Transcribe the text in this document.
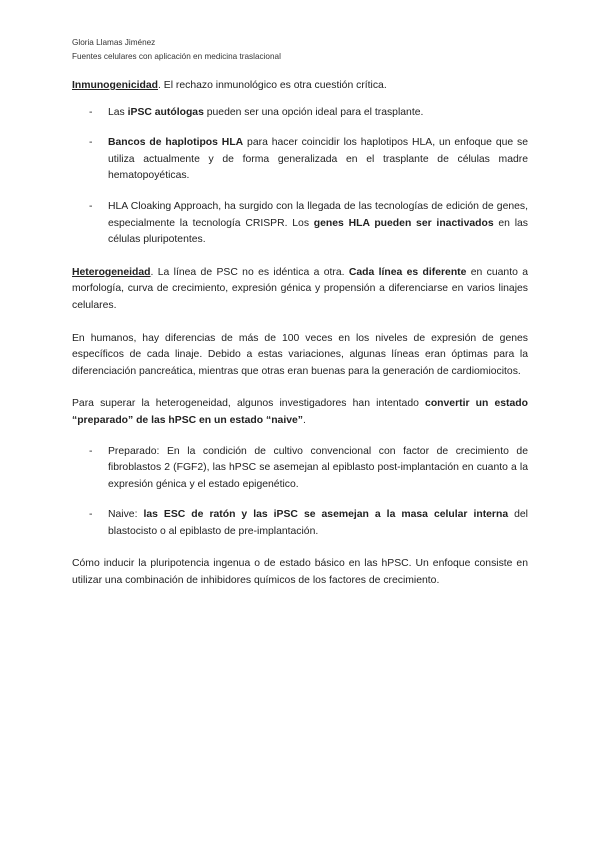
Gloria Llamas Jiménez
Fuentes celulares con aplicación en medicina traslacional

Inmunogenicidad. El rechazo inmunológico es otra cuestión crítica.

- Las iPSC autólogas pueden ser una opción ideal para el trasplante.
- Bancos de haplotipos HLA para hacer coincidir los haplotipos HLA, un enfoque que se utiliza actualmente y de forma generalizada en el trasplante de células madre hematopoyéticas.
- HLA Cloaking Approach, ha surgido con la llegada de las tecnologías de edición de genes, especialmente la tecnología CRISPR. Los genes HLA pueden ser inactivados en las células pluripotentes.

Heterogeneidad. La línea de PSC no es idéntica a otra. Cada línea es diferente en cuanto a morfología, curva de crecimiento, expresión génica y propensión a diferenciarse en varios linajes celulares.

En humanos, hay diferencias de más de 100 veces en los niveles de expresión de genes específicos de cada linaje. Debido a estas variaciones, algunas líneas eran óptimas para la diferenciación pancreática, mientras que otras eran buenas para la generación de cardiomiocitos.

Para superar la heterogeneidad, algunos investigadores han intentado convertir un estado “preparado” de las hPSC en un estado “naive”.

- Preparado: En la condición de cultivo convencional con factor de crecimiento de fibroblastos 2 (FGF2), las hPSC se asemejan al epiblasto post-implantación en cuanto a la expresión génica y el estado epigenético.
- Naive: las ESC de ratón y las iPSC se asemejan a la masa celular interna del blastocisto o al epiblasto de pre-implantación.

Cómo inducir la pluripotencia ingenua o de estado básico en las hPSC. Un enfoque consiste en utilizar una combinación de inhibidores químicos de los factores de crecimiento.
